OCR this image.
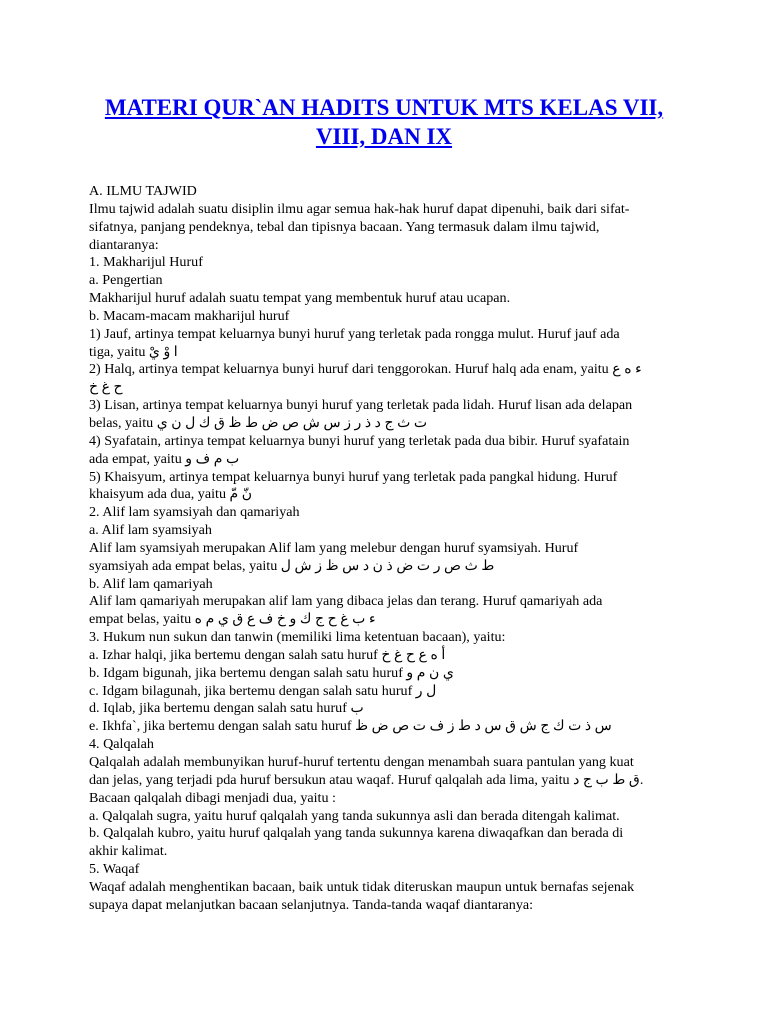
MATERI QUR`AN HADITS UNTUK MTS KELAS VII,
VIII, DAN IX
A. ILMU TAJWID
Ilmu tajwid adalah suatu disiplin ilmu agar semua hak-hak huruf dapat dipenuhi, baik dari sifat-
sifatnya, panjang pendeknya, tebal dan tipisnya bacaan. Yang termasuk dalam ilmu tajwid,
diantaranya:
1. Makharijul Huruf
a. Pengertian
Makharijul huruf adalah suatu tempat yang membentuk huruf atau ucapan.
b. Macam-macam makharijul huruf
1) Jauf, artinya tempat keluarnya bunyi huruf yang terletak pada rongga mulut. Huruf jauf ada
tiga, yaitu ا وْ يْ
2) Halq, artinya tempat keluarnya bunyi huruf dari tenggorokan. Huruf halq ada enam, yaitu ء ه ع
ح غ خ
3) Lisan, artinya tempat keluarnya bunyi huruf yang terletak pada lidah. Huruf lisan ada delapan
belas, yaitu ت ث ج د ذ ر ز س ش ص ض ط ظ ق ك ل ن ي
4) Syafatain, artinya tempat keluarnya bunyi huruf yang terletak pada dua bibir. Huruf syafatain
ada empat, yaitu ب م ف و
5) Khaisyum, artinya tempat keluarnya bunyi huruf yang terletak pada pangkal hidung. Huruf
khaisyum ada dua, yaitu نّ مّ
2. Alif lam syamsiyah dan qamariyah
a. Alif lam syamsiyah
Alif lam syamsiyah merupakan Alif lam yang melebur dengan huruf syamsiyah. Huruf
syamsiyah ada empat belas, yaitu ط ث ص ر ت ض ذ ن د س ظ ز ش ل
b. Alif lam qamariyah
Alif lam qamariyah merupakan alif lam yang dibaca jelas dan terang. Huruf qamariyah ada
empat belas, yaitu ء ب غ ح ج ك و خ ف ع ق ي م ه
3. Hukum nun sukun dan tanwin (memiliki lima ketentuan bacaan), yaitu:
a. Izhar halqi, jika bertemu dengan salah satu huruf أ ه ع ح غ خ
b. Idgam bigunah, jika bertemu dengan salah satu huruf ي ن م و
c. Idgam bilagunah, jika bertemu dengan salah satu huruf ل ر
d. Iqlab, jika bertemu dengan salah satu huruf ب
e. Ikhfa`, jika bertemu dengan salah satu huruf س ذ ت ك ج ش ق س د ط ز ف ت ص ض ظ
4. Qalqalah
Qalqalah adalah membunyikan huruf-huruf tertentu dengan menambah suara pantulan yang kuat
dan jelas, yang terjadi pda huruf bersukun atau waqaf. Huruf qalqalah ada lima, yaitu ق ط ب ج د.
Bacaan qalqalah dibagi menjadi dua, yaitu :
a. Qalqalah sugra, yaitu huruf qalqalah yang tanda sukunnya asli dan berada ditengah kalimat.
b. Qalqalah kubro, yaitu huruf qalqalah yang tanda sukunnya karena diwaqafkan dan berada di
akhir kalimat.
5. Waqaf
Waqaf adalah menghentikan bacaan, baik untuk tidak diteruskan maupun untuk bernafas sejenak
supaya dapat melanjutkan bacaan selanjutnya. Tanda-tanda waqaf diantaranya:
